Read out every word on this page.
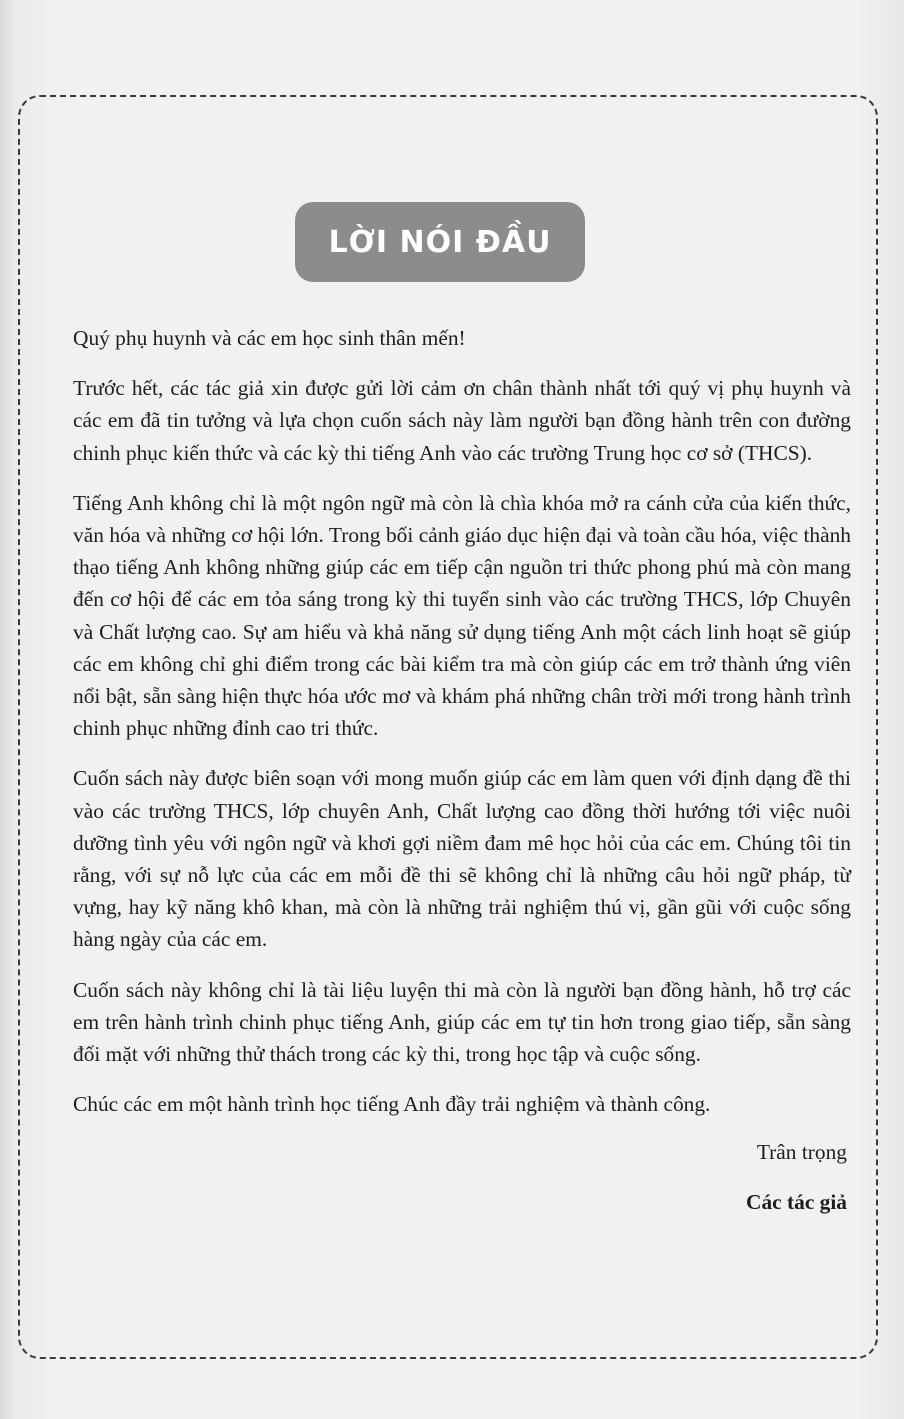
LỜI NÓI ĐẦU

Quý phụ huynh và các em học sinh thân mến!

Trước hết, các tác giả xin được gửi lời cảm ơn chân thành nhất tới quý vị phụ huynh và các em đã tin tưởng và lựa chọn cuốn sách này làm người bạn đồng hành trên con đường chinh phục kiến thức và các kỳ thi tiếng Anh vào các trường Trung học cơ sở (THCS).

Tiếng Anh không chỉ là một ngôn ngữ mà còn là chìa khóa mở ra cánh cửa của kiến thức, văn hóa và những cơ hội lớn. Trong bối cảnh giáo dục hiện đại và toàn cầu hóa, việc thành thạo tiếng Anh không những giúp các em tiếp cận nguồn tri thức phong phú mà còn mang đến cơ hội để các em tỏa sáng trong kỳ thi tuyển sinh vào các trường THCS, lớp Chuyên và Chất lượng cao. Sự am hiểu và khả năng sử dụng tiếng Anh một cách linh hoạt sẽ giúp các em không chỉ ghi điểm trong các bài kiểm tra mà còn giúp các em trở thành ứng viên nổi bật, sẵn sàng hiện thực hóa ước mơ và khám phá những chân trời mới trong hành trình chinh phục những đỉnh cao tri thức.

Cuốn sách này được biên soạn với mong muốn giúp các em làm quen với định dạng đề thi vào các trường THCS, lớp chuyên Anh, Chất lượng cao đồng thời hướng tới việc nuôi dưỡng tình yêu với ngôn ngữ và khơi gợi niềm đam mê học hỏi của các em. Chúng tôi tin rằng, với sự nỗ lực của các em mỗi đề thi sẽ không chỉ là những câu hỏi ngữ pháp, từ vựng, hay kỹ năng khô khan, mà còn là những trải nghiệm thú vị, gần gũi với cuộc sống hàng ngày của các em.

Cuốn sách này không chỉ là tài liệu luyện thi mà còn là người bạn đồng hành, hỗ trợ các em trên hành trình chinh phục tiếng Anh, giúp các em tự tin hơn trong giao tiếp, sẵn sàng đối mặt với những thử thách trong các kỳ thi, trong học tập và cuộc sống.

Chúc các em một hành trình học tiếng Anh đầy trải nghiệm và thành công.

Trân trọng

Các tác giả
